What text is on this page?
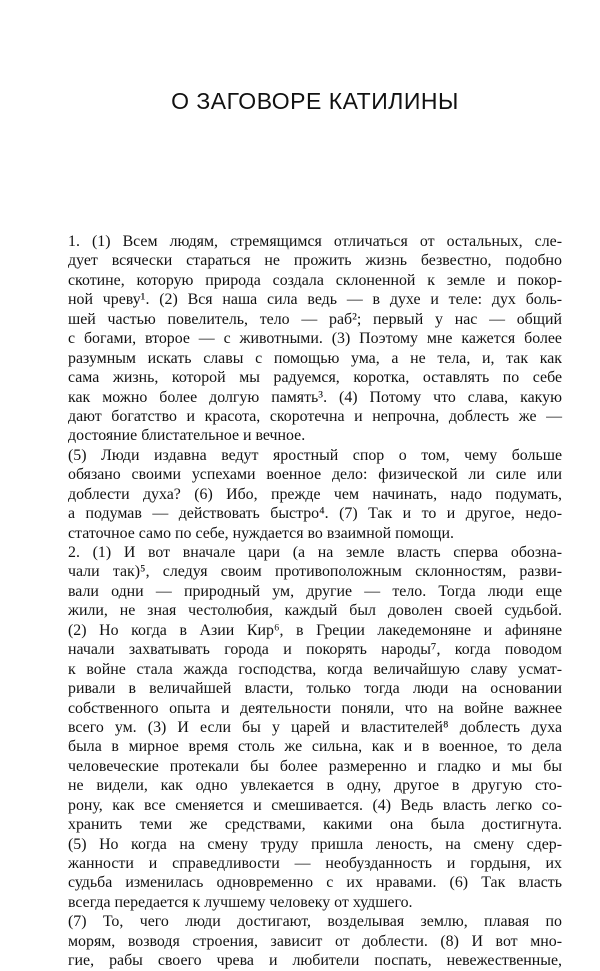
О ЗАГОВОРЕ КАТИЛИНЫ

1. (1) Всем людям, стремящимся отличаться от остальных, сле-
дует всячески стараться не прожить жизнь безвестно, подобно
скотине, которую природа создала склоненной к земле и покор-
ной чреву¹. (2) Вся наша сила ведь — в духе и теле: дух боль-
шей частью повелитель, тело — раб²; первый у нас — общий
с богами, второе — с животными. (3) Поэтому мне кажется более
разумным искать славы с помощью ума, а не тела, и, так как
сама жизнь, которой мы радуемся, коротка, оставлять по себе
как можно более долгую память³. (4) Потому что слава, какую
дают богатство и красота, скоротечна и непрочна, доблесть же —
достояние блистательное и вечное.

(5) Люди издавна ведут яростный спор о том, чему больше
обязано своими успехами военное дело: физической ли силе или
доблести духа? (6) Ибо, прежде чем начинать, надо подумать,
а подумав — действовать быстро⁴. (7) Так и то и другое, недо-
статочное само по себе, нуждается во взаимной помощи.

2. (1) И вот вначале цари (а на земле власть сперва обозна-
чали так)⁵, следуя своим противоположным склонностям, разви-
вали одни — природный ум, другие — тело. Тогда люди еще
жили, не зная честолюбия, каждый был доволен своей судьбой.
(2) Но когда в Азии Кир⁶, в Греции лакедемоняне и афиняне
начали захватывать города и покорять народы⁷, когда поводом
к войне стала жажда господства, когда величайшую славу усмат-
ривали в величайшей власти, только тогда люди на основании
собственного опыта и деятельности поняли, что на войне важнее
всего ум. (3) И если бы у царей и властителей⁸ доблесть духа
была в мирное время столь же сильна, как и в военное, то дела
человеческие протекали бы более размеренно и гладко и мы бы
не видели, как одно увлекается в одну, другое в другую сто-
рону, как все сменяется и смешивается. (4) Ведь власть легко со-
хранить теми же средствами, какими она была достигнута.
(5) Но когда на смену труду пришла леность, на смену сдер-
жанности и справедливости — необузданность и гордыня, их
судьба изменилась одновременно с их нравами. (6) Так власть
всегда передается к лучшему человеку от худшего.

(7) То, чего люди достигают, возделывая землю, плавая по
морям, возводя строения, зависит от доблести. (8) И вот мно-
гие, рабы своего чрева и любители поспать, невежественные,
